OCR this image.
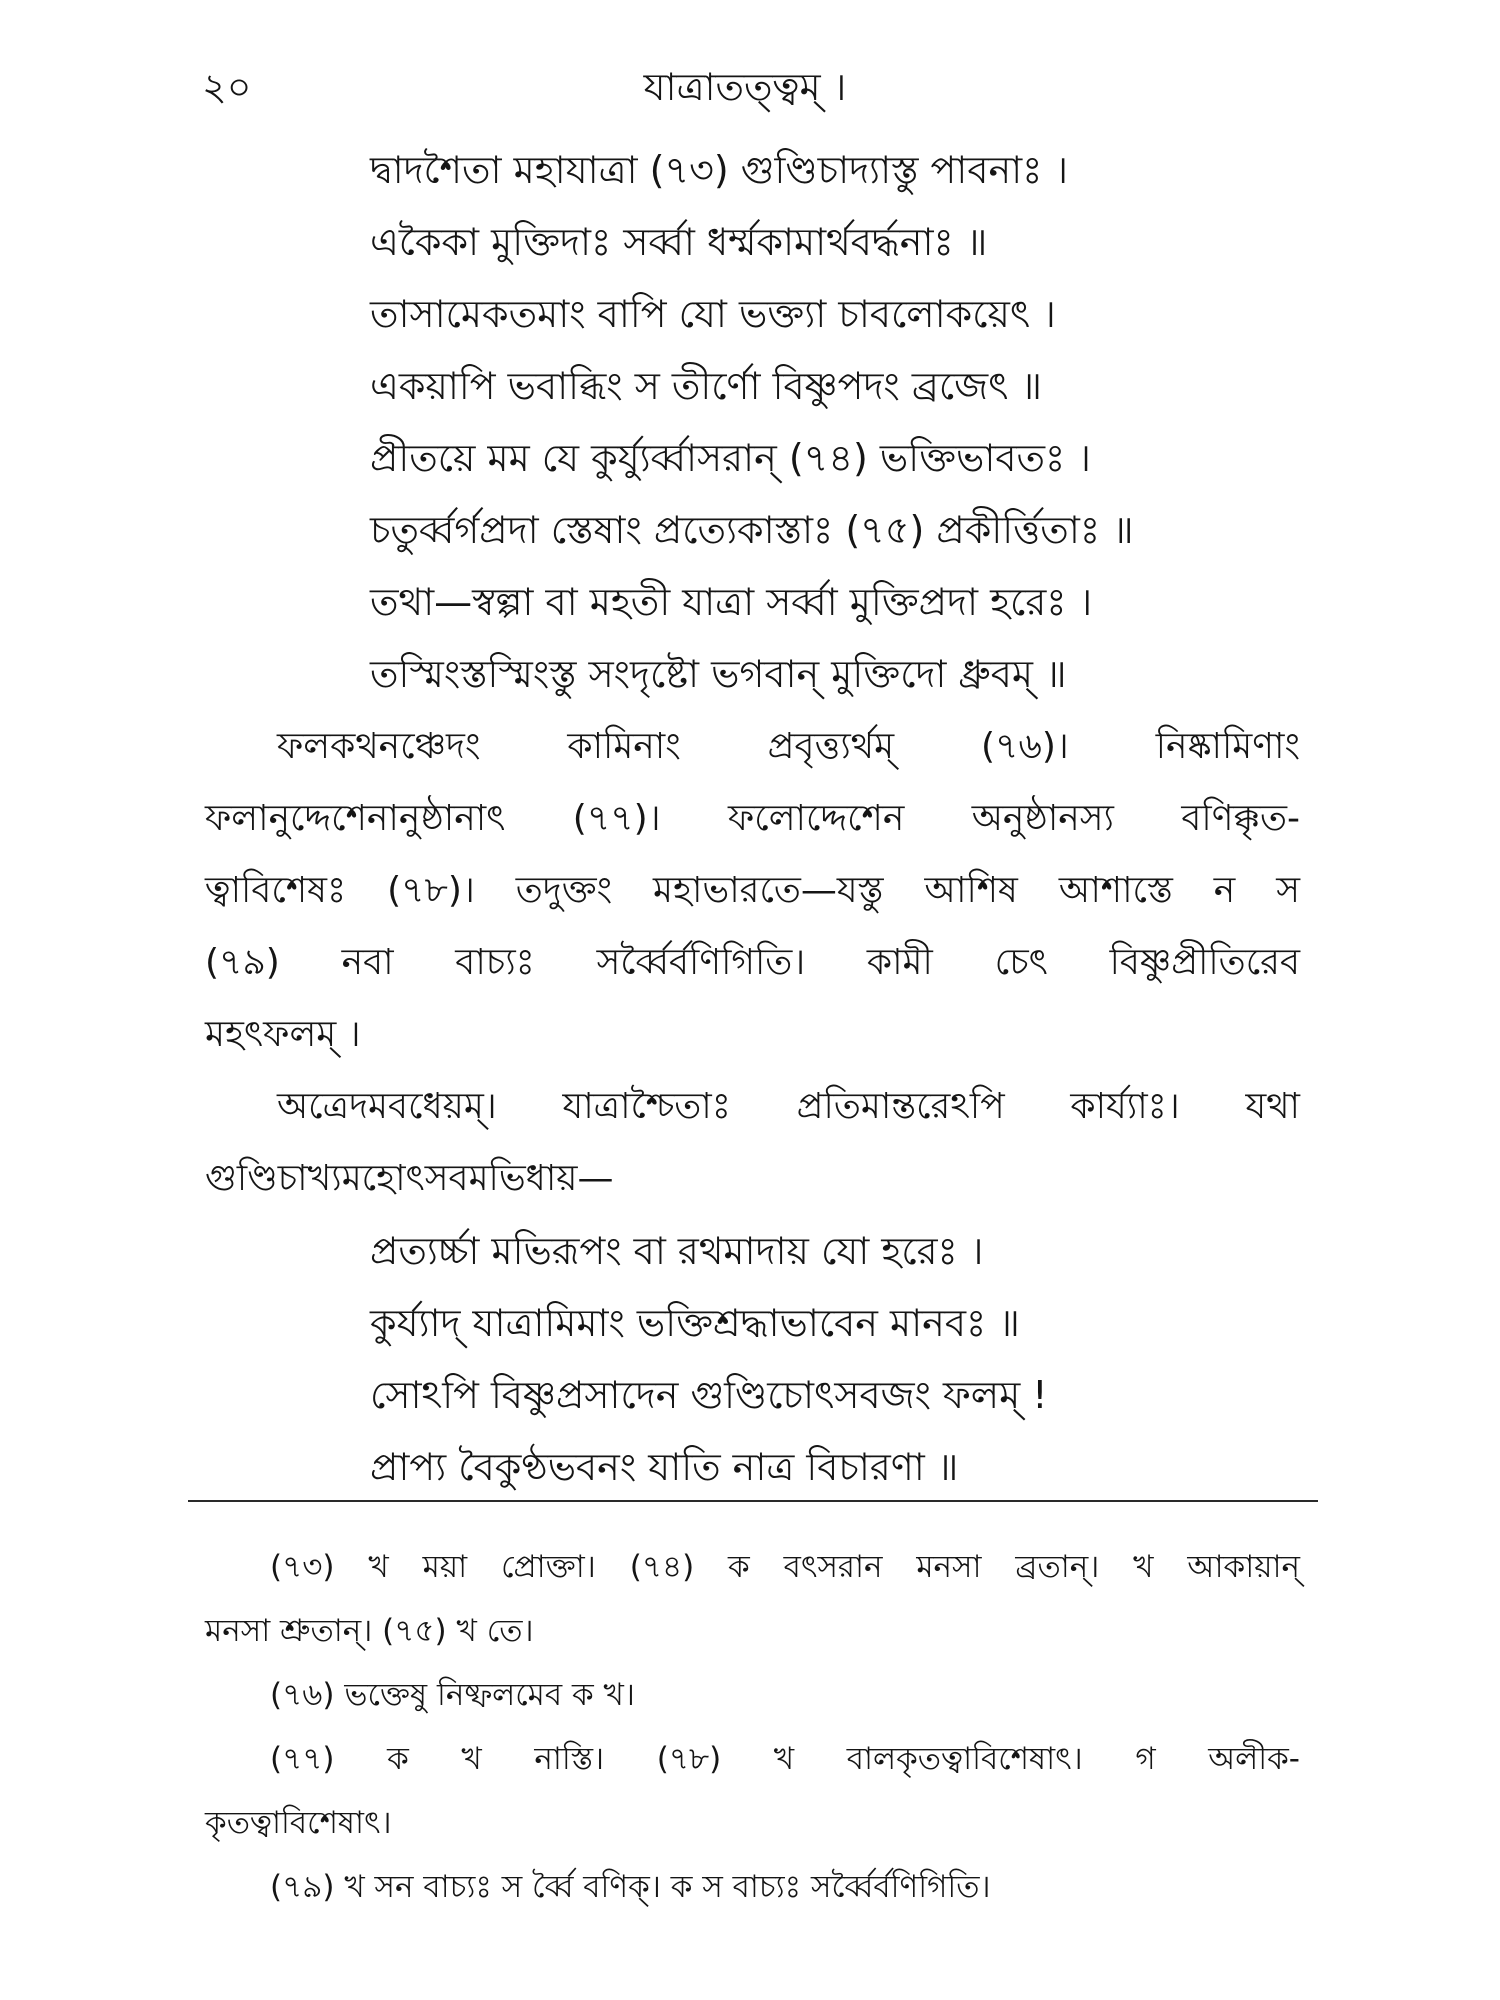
২০	যাত্রাতত্ত্বম্ ।
দ্বাদশৈতা মহাযাত্রা (৭৩) গুণ্ডিচাদ্যাস্তু পাবনাঃ ।
একৈকা মুক্তিদাঃ সর্ব্বা ধর্ম্মকামার্থবর্দ্ধনাঃ ॥
তাসামেকতমাং বাপি যো ভক্ত্যা চাবলোকয়েৎ ।
একয়াপি ভবাব্ধিং স তীর্ণো বিষ্ণুপদং ব্রজেৎ ॥
প্রীতয়ে মম যে কুর্য্যুর্ব্বাসরান্ (৭৪) ভক্তিভাবতঃ ।
চতুর্ব্বর্গপ্রদা স্তেষাং প্রত্যেকাস্তাঃ (৭৫) প্রকীর্ত্তিতাঃ ॥
তথা—স্বল্পা বা মহতী যাত্রা সর্ব্বা মুক্তিপ্রদা হরেঃ ।
তস্মিংস্তস্মিংস্তু সংদৃষ্টো ভগবান্ মুক্তিদো ধ্রুবম্ ॥
ফলকথনঞ্চেদং কামিনাং প্রবৃত্ত্যর্থম্ (৭৬)। নিষ্কামিণাং
ফলানুদ্দেশেনানুষ্ঠানাৎ (৭৭)। ফলোদ্দেশেন অনুষ্ঠানস্য বণিক্কৃত-
ত্বাবিশেষঃ (৭৮)। তদুক্তং মহাভারতে—যস্তু আশিষ আশাস্তে ন স
(৭৯) নবা বাচ্যঃ সর্ব্বৈর্বণিগিতি। কামী চেৎ বিষ্ণুপ্রীতিরেব
মহৎফলম্ ।
অত্রেদমবধেয়ম্। যাত্রাশ্চৈতাঃ প্রতিমান্তরেঽপি কার্য্যাঃ। যথা
গুণ্ডিচাখ্যমহোৎসবমভিধায়—
প্রত্যর্চ্চা মভিরূপং বা রথমাদায় যো হরেঃ ।
কুর্য্যাদ্ যাত্রামিমাং ভক্তিশ্রদ্ধাভাবেন মানবঃ ॥
সোঽপি বিষ্ণুপ্রসাদেন গুণ্ডিচোৎসবজং ফলম্ !
প্রাপ্য বৈকুণ্ঠভবনং যাতি নাত্র বিচারণা ॥
(৭৩) খ ময়া প্রোক্তা। (৭৪) ক বৎসরান মনসা ব্রতান্। খ আকায়ান্
মনসা শ্রুতান্। (৭৫) খ তে।
(৭৬) ভক্তেষু নিষ্ফলমেব ক খ।
(৭৭) ক খ নাস্তি। (৭৮) খ বালকৃতত্বাবিশেষাৎ। গ অলীক-
কৃতত্বাবিশেষাৎ।
(৭৯) খ সন বাচ্যঃ স র্ব্বৈ বণিক্। ক স বাচ্যঃ সর্ব্বৈর্বণিগিতি।
